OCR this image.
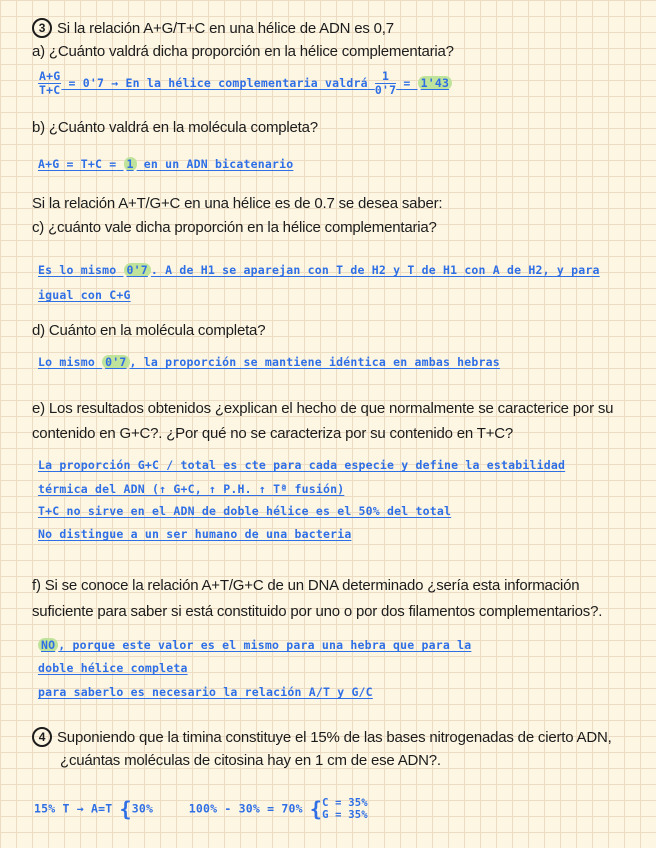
3 Si la relación A+G/T+C en una hélice de ADN es 0,7
a) ¿Cuánto valdrá dicha proporción en la hélice complementaria?
$\frac{A+G}{T+C} = 0'7 \to En$ la hélice complementaria valdrá $\frac{1}{0'7} = 1'43$
b) ¿Cuánto valdrá en la molécula completa?
A+G = T+C = 1 en un ADN bicatenario
Si la relación A+T/G+C en una hélice es de 0.7 se desea saber:
c) ¿cuánto vale dicha proporción en la hélice complementaria?
Es lo mismo 0'7 . A de H1 se aparejan con T de H2 y T de H1 con A de H2, y para
igual con C+G
d) Cuánto en la molécula completa?
Lo mismo 0'7 , la proporción se mantiene idéntica en ambas hebras
e) Los resultados obtenidos ¿explican el hecho de que normalmente se caracterice por su
contenido en G+C?. ¿Por qué no se caracteriza por su contenido en T+C?
La proporción G+C / total es cte para cada especie y define la estabilidad
térmica del ADN (↑ G+C, ↑ P.H. ↑ Tª fusión)
T+C no sirve en el ADN de doble hélice es el 50% del total
No distingue a un ser humano de una bacteria
f) Si se conoce la relación A+T/G+C de un DNA determinado ¿sería esta información
suficiente para saber si está constituido por uno o por dos filamentos complementarios?.
NO , porque este valor es el mismo para una hebra que para la
doble hélice completa
para saberlo es necesario la relación A/T y G/C
4 Suponiendo que la timina constituye el 15% de las bases nitrogenadas de cierto ADN,
¿cuántas moléculas de citosina hay en 1 cm de ese ADN?.
15% T → A=T {30%	100% - 30% = 70% { C = 35%
G = 35%
